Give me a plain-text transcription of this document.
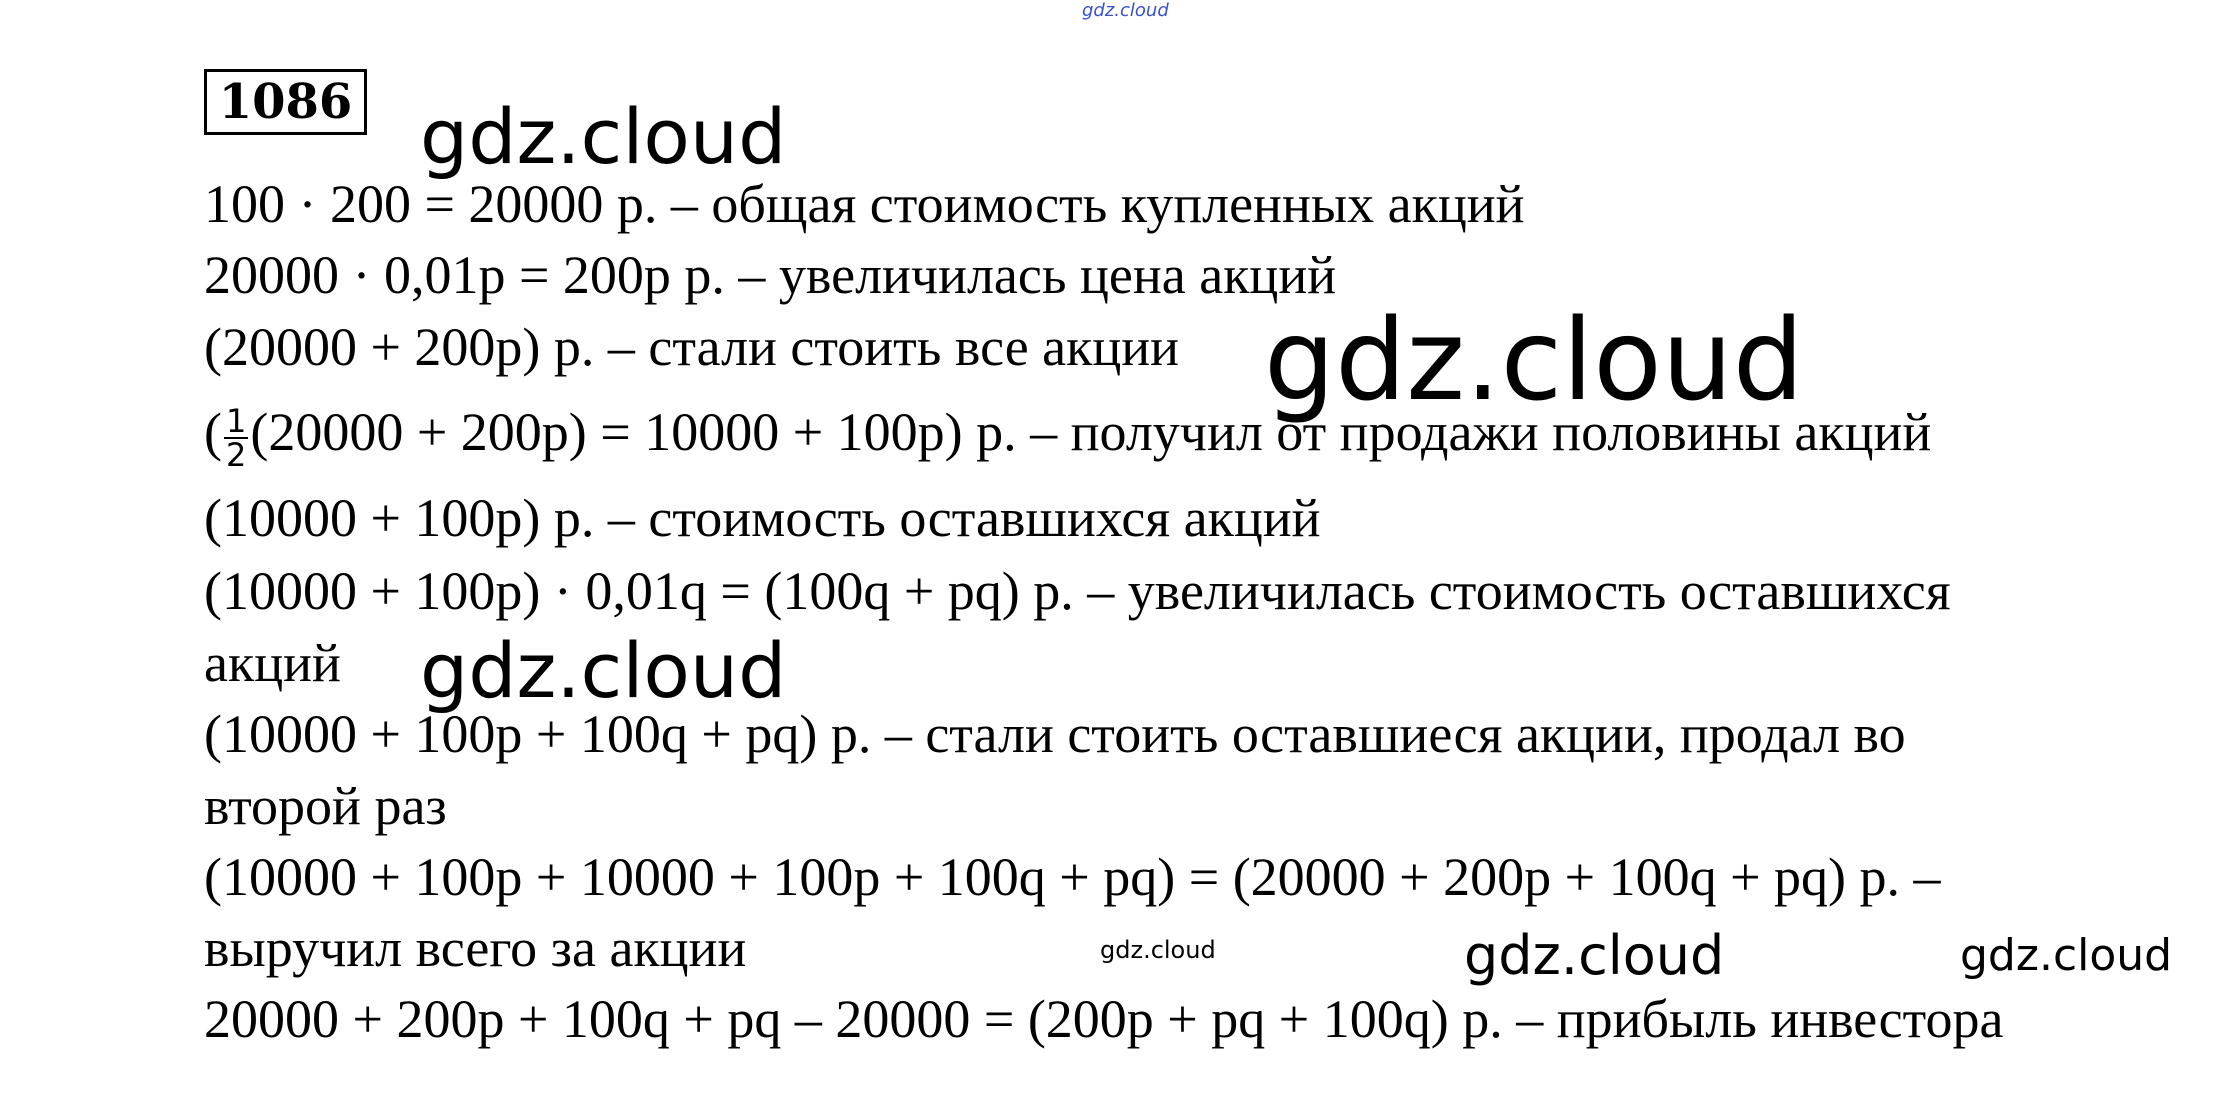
gdz.cloud
1086 gdz.cloud
100 · 200 = 20000 р. – общая стоимость купленных акций
20000 · 0,01p = 200p р. – увеличилась цена акций
(20000 + 200p) р. – стали стоить все акции gdz.cloud
( $\frac{1}{2} (20000 + 200p) = 10000 + 100p$) р. – получил от продажи половины акций
(10000 + 100p) р. – стоимость оставшихся акций
(10000 + 100p) · 0,01q = (100q + pq) р. – увеличилась стоимость оставшихся
акций gdz.cloud
(10000 + 100p + 100q + pq) р. – стали стоить оставшиеся акции, продал во
второй раз
(10000 + 100p + 10000 + 100p + 100q + pq) = (20000 + 200p + 100q + pq) р. –
выручил всего за акции	gdz.cloud	gdz.cloud	gdz.cloud
20000 + 200p + 100q + pq – 20000 = (200p + pq + 100q) р. – прибыль инвестора
